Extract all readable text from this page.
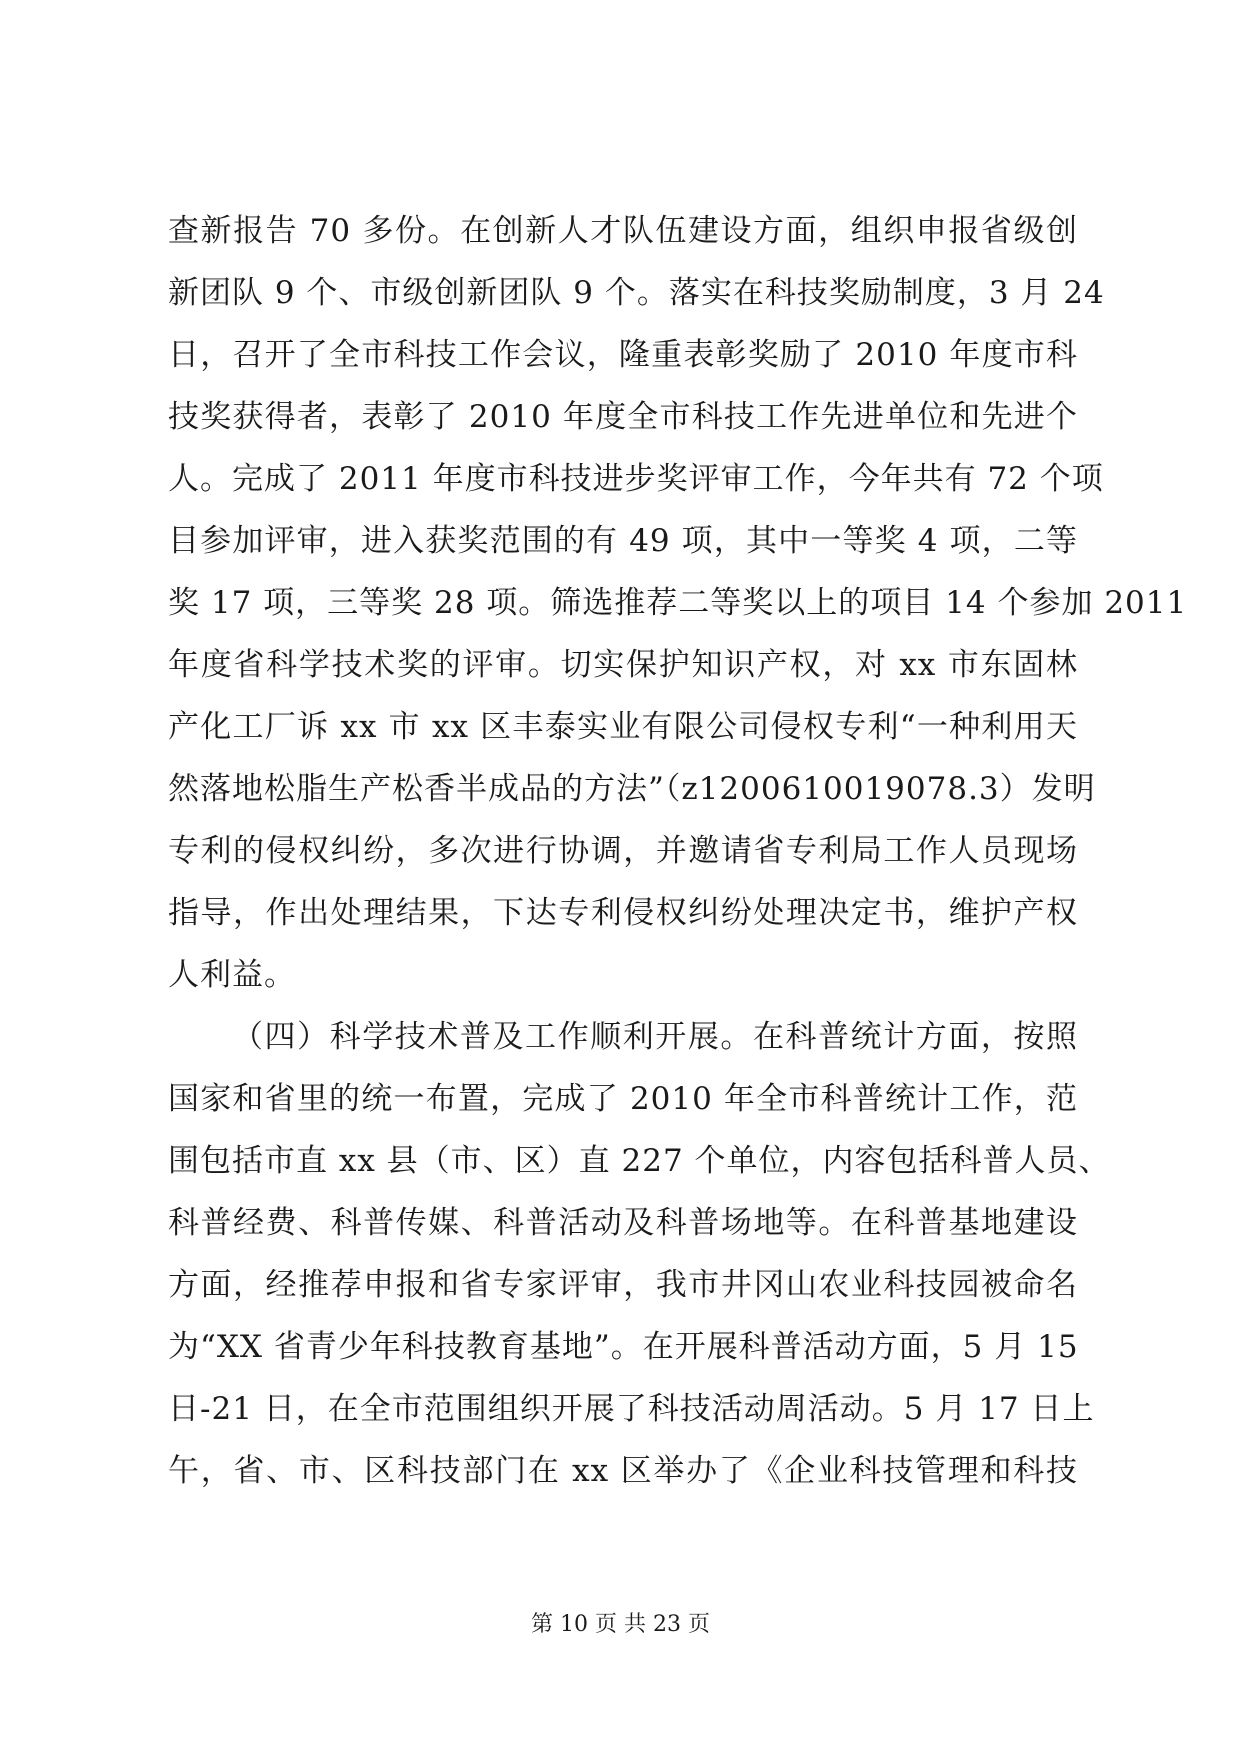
查新报告 70 多份。在创新人才队伍建设方面，组织申报省级创
新团队 9 个、市级创新团队 9 个。落实在科技奖励制度，3 月 24
日，召开了全市科技工作会议，隆重表彰奖励了 2010 年度市科
技奖获得者，表彰了 2010 年度全市科技工作先进单位和先进个
人。完成了 2011 年度市科技进步奖评审工作，今年共有 72 个项
目参加评审，进入获奖范围的有 49 项，其中一等奖 4 项，二等
奖 17 项，三等奖 28 项。筛选推荐二等奖以上的项目 14 个参加 2011
年度省科学技术奖的评审。切实保护知识产权，对 xx 市东固林
产化工厂诉 xx 市 xx 区丰泰实业有限公司侵权专利“一种利用天
然落地松脂生产松香半成品的方法”（z1200610019078.3）发明
专利的侵权纠纷，多次进行协调，并邀请省专利局工作人员现场
指导，作出处理结果，下达专利侵权纠纷处理决定书，维护产权
人利益。
（四）科学技术普及工作顺利开展。在科普统计方面，按照
国家和省里的统一布置，完成了 2010 年全市科普统计工作，范
围包括市直 xx 县（市、区）直 227 个单位，内容包括科普人员、
科普经费、科普传媒、科普活动及科普场地等。在科普基地建设
方面，经推荐申报和省专家评审，我市井冈山农业科技园被命名
为“XX 省青少年科技教育基地”。在开展科普活动方面，5 月 15
日-21 日，在全市范围组织开展了科技活动周活动。5 月 17 日上
午，省、市、区科技部门在 xx 区举办了《企业科技管理和科技
第 10 页 共 23 页
